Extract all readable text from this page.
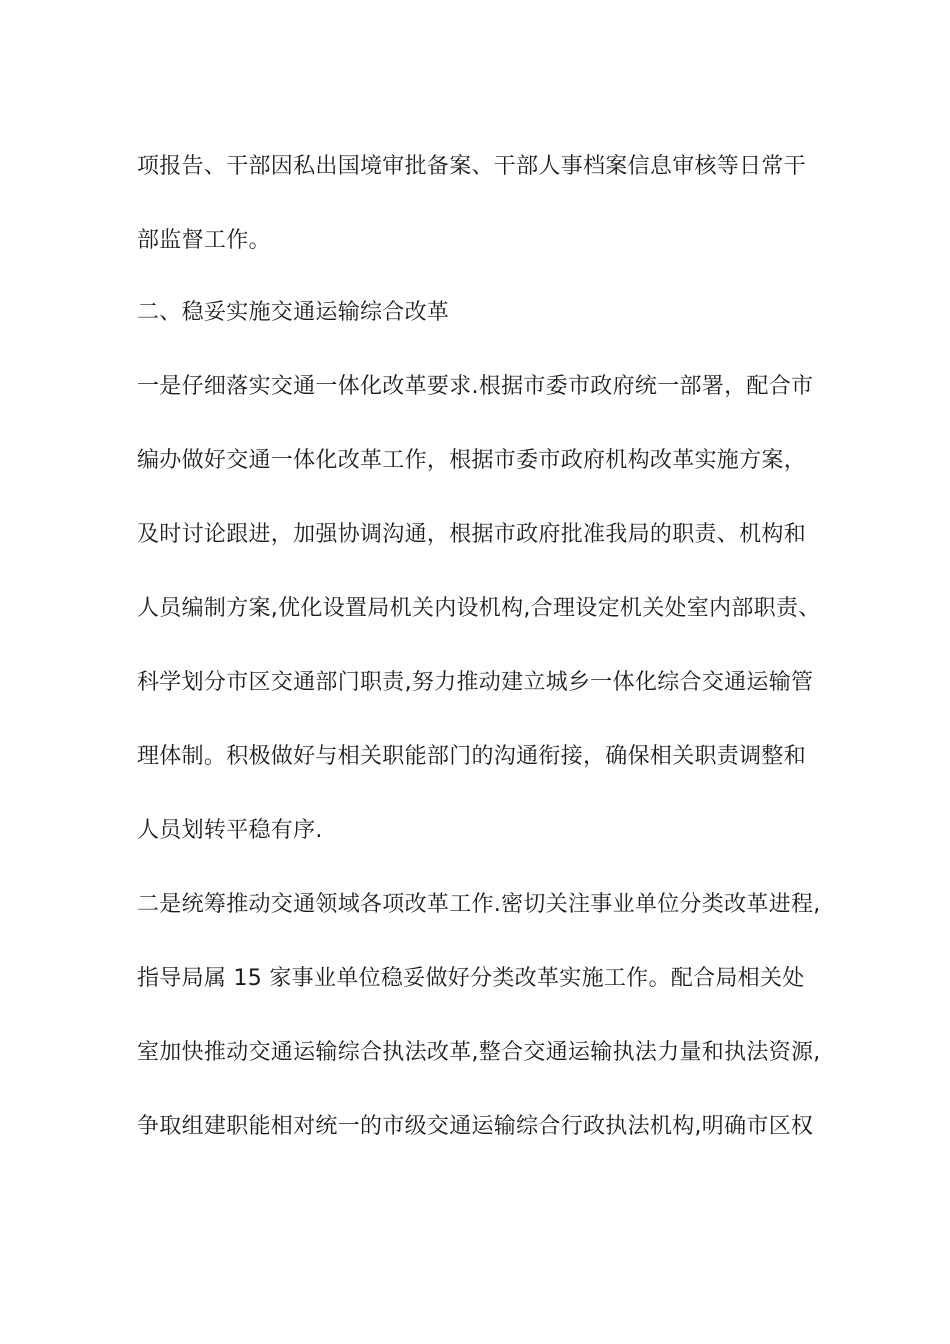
项报告、干部因私出国境审批备案、干部人事档案信息审核等日常干
部监督工作。
二、稳妥实施交通运输综合改革
一是仔细落实交通一体化改革要求.根据市委市政府统一部署，配合市
编办做好交通一体化改革工作，根据市委市政府机构改革实施方案，
及时讨论跟进，加强协调沟通，根据市政府批准我局的职责、机构和
人员编制方案,优化设置局机关内设机构,合理设定机关处室内部职责、
科学划分市区交通部门职责,努力推动建立城乡一体化综合交通运输管
理体制。积极做好与相关职能部门的沟通衔接，确保相关职责调整和
人员划转平稳有序.
二是统筹推动交通领域各项改革工作.密切关注事业单位分类改革进程,
指导局属 15 家事业单位稳妥做好分类改革实施工作。配合局相关处
室加快推动交通运输综合执法改革,整合交通运输执法力量和执法资源,
争取组建职能相对统一的市级交通运输综合行政执法机构,明确市区权
